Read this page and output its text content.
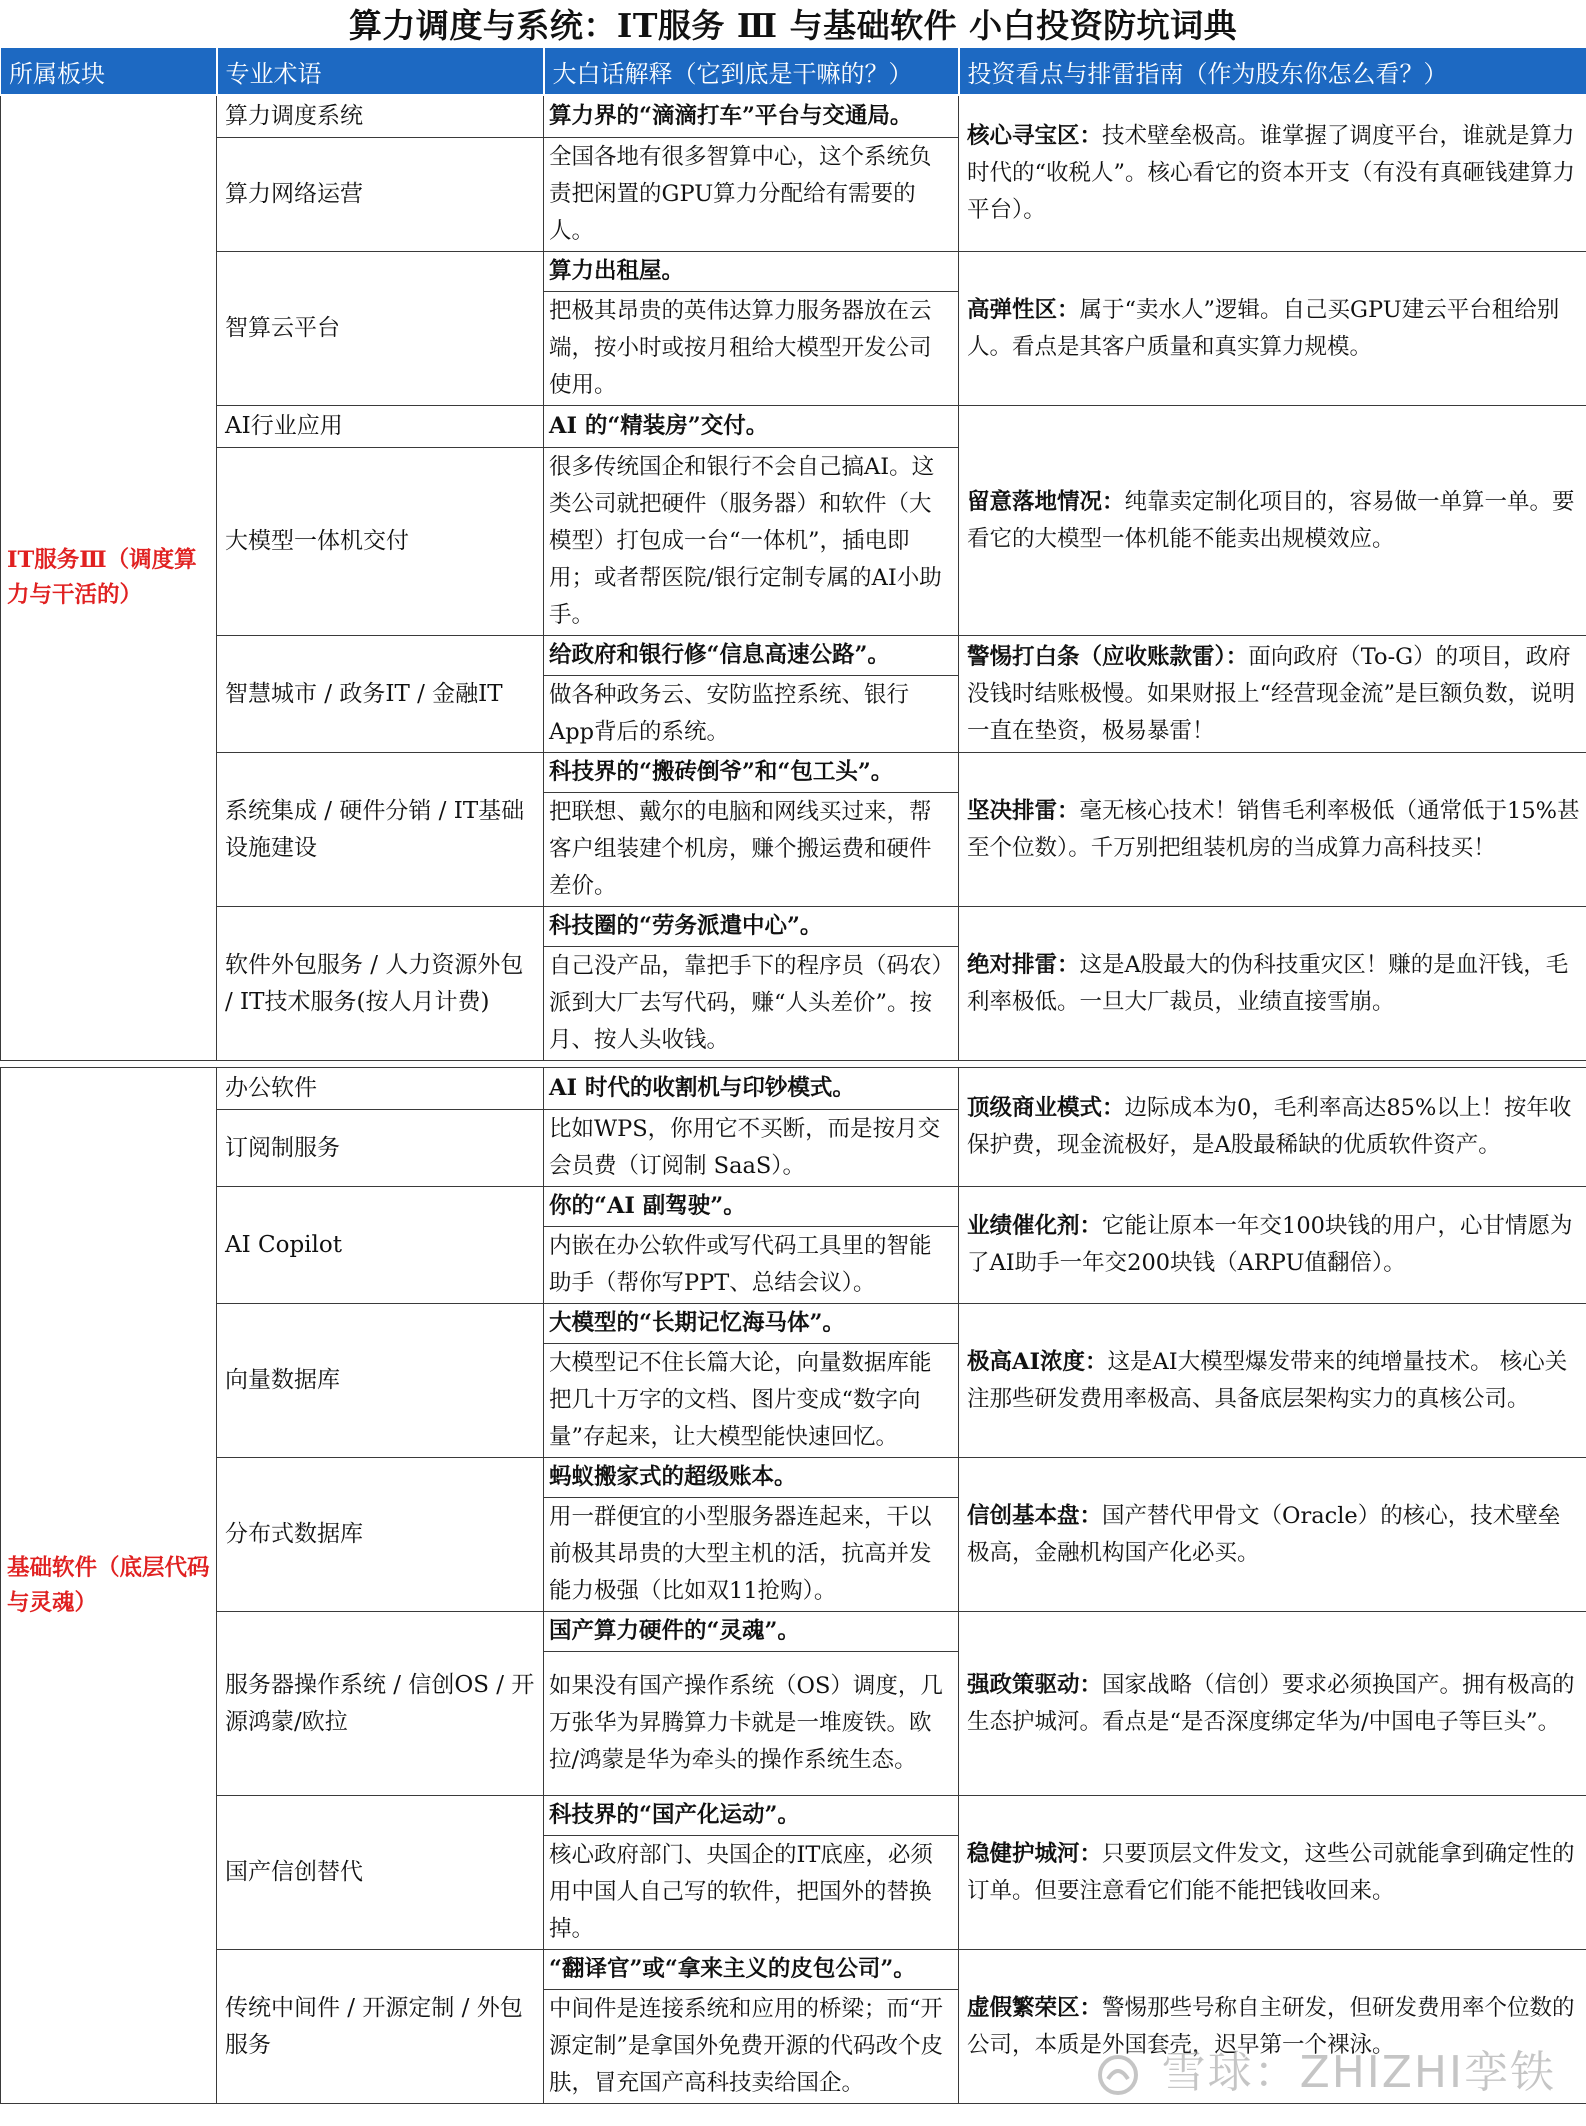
算力调度与系统：IT服务 Ⅲ 与基础软件 小白投资防坑词典
所属板块	专业术语	大白话解释（它到底是干嘛的？）	投资看点与排雷指南（作为股东你怎么看？）
IT服务Ⅲ（调度算力与干活的）	算力调度系统	算力界的“滴滴打车”平台与交通局。	核心寻宝区：技术壁垒极高。谁掌握了调度平台，谁就是算力时代的“收税人”。核心看它的资本开支（有没有真砸钱建算力平台）。
	算力网络运营	全国各地有很多智算中心，这个系统负责把闲置的GPU算力分配给有需要的人。	
	智算云平台	算力出租屋。	高弹性区：属于“卖水人”逻辑。自己买GPU建云平台租给别人。看点是其客户质量和真实算力规模。
		把极其昂贵的英伟达算力服务器放在云端，按小时或按月租给大模型开发公司使用。	
	AI行业应用	AI 的“精装房”交付。	留意落地情况：纯靠卖定制化项目的，容易做一单算一单。要看它的大模型一体机能不能卖出规模效应。
	大模型一体机交付	很多传统国企和银行不会自己搞AI。这类公司就把硬件（服务器）和软件（大模型）打包成一台“一体机”，插电即用；或者帮医院/银行定制专属的AI小助手。	
	智慧城市 / 政务IT / 金融IT	给政府和银行修“信息高速公路”。	警惕打白条（应收账款雷）：面向政府（To-G）的项目，政府没钱时结账极慢。如果财报上“经营现金流”是巨额负数，说明一直在垫资，极易暴雷！
		做各种政务云、安防监控系统、银行App背后的系统。	
	系统集成 / 硬件分销 / IT基础设施建设	科技界的“搬砖倒爷”和“包工头”。	坚决排雷：毫无核心技术！销售毛利率极低（通常低于15%甚至个位数）。千万别把组装机房的当成算力高科技买！
		把联想、戴尔的电脑和网线买过来，帮客户组装建个机房，赚个搬运费和硬件差价。	
	软件外包服务 / 人力资源外包 / IT技术服务(按人月计费)	科技圈的“劳务派遣中心”。	绝对排雷：这是A股最大的伪科技重灾区！赚的是血汗钱，毛利率极低。一旦大厂裁员，业绩直接雪崩。
		自己没产品，靠把手下的程序员（码农）派到大厂去写代码，赚“人头差价”。按月、按人头收钱。	
基础软件（底层代码与灵魂）	办公软件	AI 时代的收割机与印钞模式。	顶级商业模式：边际成本为0，毛利率高达85%以上！按年收保护费，现金流极好，是A股最稀缺的优质软件资产。
	订阅制服务	比如WPS，你用它不买断，而是按月交会员费（订阅制 SaaS）。	
	AI Copilot	你的“AI 副驾驶”。	业绩催化剂：它能让原本一年交100块钱的用户，心甘情愿为了AI助手一年交200块钱（ARPU值翻倍）。
		内嵌在办公软件或写代码工具里的智能助手（帮你写PPT、总结会议）。	
	向量数据库	大模型的“长期记忆海马体”。	极高AI浓度：这是AI大模型爆发带来的纯增量技术。 核心关注那些研发费用率极高、具备底层架构实力的真核公司。
		大模型记不住长篇大论，向量数据库能把几十万字的文档、图片变成“数字向量”存起来，让大模型能快速回忆。	
	分布式数据库	蚂蚁搬家式的超级账本。	信创基本盘：国产替代甲骨文（Oracle）的核心，技术壁垒极高，金融机构国产化必买。
		用一群便宜的小型服务器连起来，干以前极其昂贵的大型主机的活，抗高并发能力极强（比如双11抢购）。	
	服务器操作系统 / 信创OS / 开源鸿蒙/欧拉	国产算力硬件的“灵魂”。	强政策驱动：国家战略（信创）要求必须换国产。拥有极高的生态护城河。看点是“是否深度绑定华为/中国电子等巨头”。
		如果没有国产操作系统（OS）调度，几万张华为昇腾算力卡就是一堆废铁。欧拉/鸿蒙是华为牵头的操作系统生态。	
	国产信创替代	科技界的“国产化运动”。	稳健护城河：只要顶层文件发文，这些公司就能拿到确定性的订单。但要注意看它们能不能把钱收回来。
		核心政府部门、央国企的IT底座，必须用中国人自己写的软件，把国外的替换掉。	
	传统中间件 / 开源定制 / 外包服务	“翻译官”或“拿来主义的皮包公司”。	虚假繁荣区：警惕那些号称自主研发，但研发费用率个位数的公司，本质是外国套壳，迟早第一个裸泳。
		中间件是连接系统和应用的桥梁；而“开源定制”是拿国外免费开源的代码改个皮肤，冒充国产高科技卖给国企。		雪球：ZHIZHI孪铁
